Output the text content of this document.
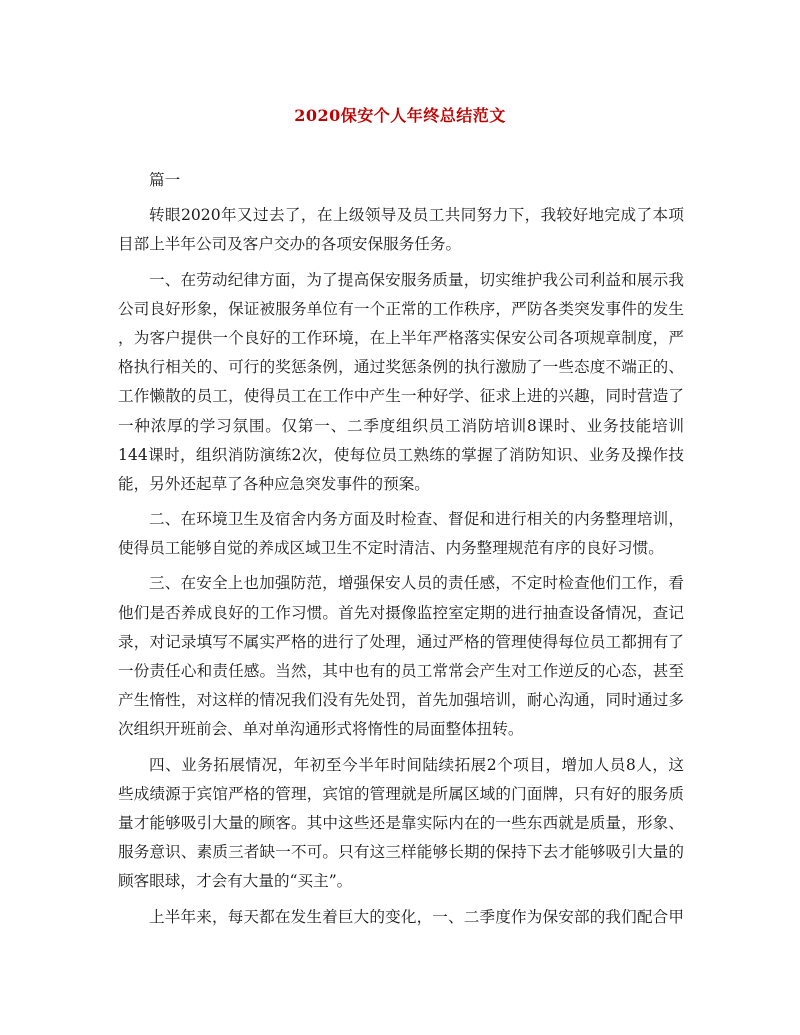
2020保安个人年终总结范文
篇一
转眼2020年又过去了，在上级领导及员工共同努力下，我较好地完成了本项
目部上半年公司及客户交办的各项安保服务任务。
一、在劳动纪律方面，为了提高保安服务质量，切实维护我公司利益和展示我
公司良好形象，保证被服务单位有一个正常的工作秩序，严防各类突发事件的发生
，为客户提供一个良好的工作环境，在上半年严格落实保安公司各项规章制度，严
格执行相关的、可行的奖惩条例，通过奖惩条例的执行激励了一些态度不端正的、
工作懒散的员工，使得员工在工作中产生一种好学、征求上进的兴趣，同时营造了
一种浓厚的学习氛围。仅第一、二季度组织员工消防培训8课时、业务技能培训
144课时，组织消防演练2次，使每位员工熟练的掌握了消防知识、业务及操作技
能，另外还起草了各种应急突发事件的预案。
二、在环境卫生及宿舍内务方面及时检查、督促和进行相关的内务整理培训，
使得员工能够自觉的养成区域卫生不定时清洁、内务整理规范有序的良好习惯。
三、在安全上也加强防范，增强保安人员的责任感，不定时检查他们工作，看
他们是否养成良好的工作习惯。首先对摄像监控室定期的进行抽查设备情况，查记
录，对记录填写不属实严格的进行了处理，通过严格的管理使得每位员工都拥有了
一份责任心和责任感。当然，其中也有的员工常常会产生对工作逆反的心态，甚至
产生惰性，对这样的情况我们没有先处罚，首先加强培训，耐心沟通，同时通过多
次组织开班前会、单对单沟通形式将惰性的局面整体扭转。
四、业务拓展情况，年初至今半年时间陆续拓展2个项目，增加人员8人，这
些成绩源于宾馆严格的管理，宾馆的管理就是所属区域的门面牌，只有好的服务质
量才能够吸引大量的顾客。其中这些还是靠实际内在的一些东西就是质量，形象、
服务意识、素质三者缺一不可。只有这三样能够长期的保持下去才能够吸引大量的
顾客眼球，才会有大量的“买主”。
上半年来，每天都在发生着巨大的变化，一、二季度作为保安部的我们配合甲
